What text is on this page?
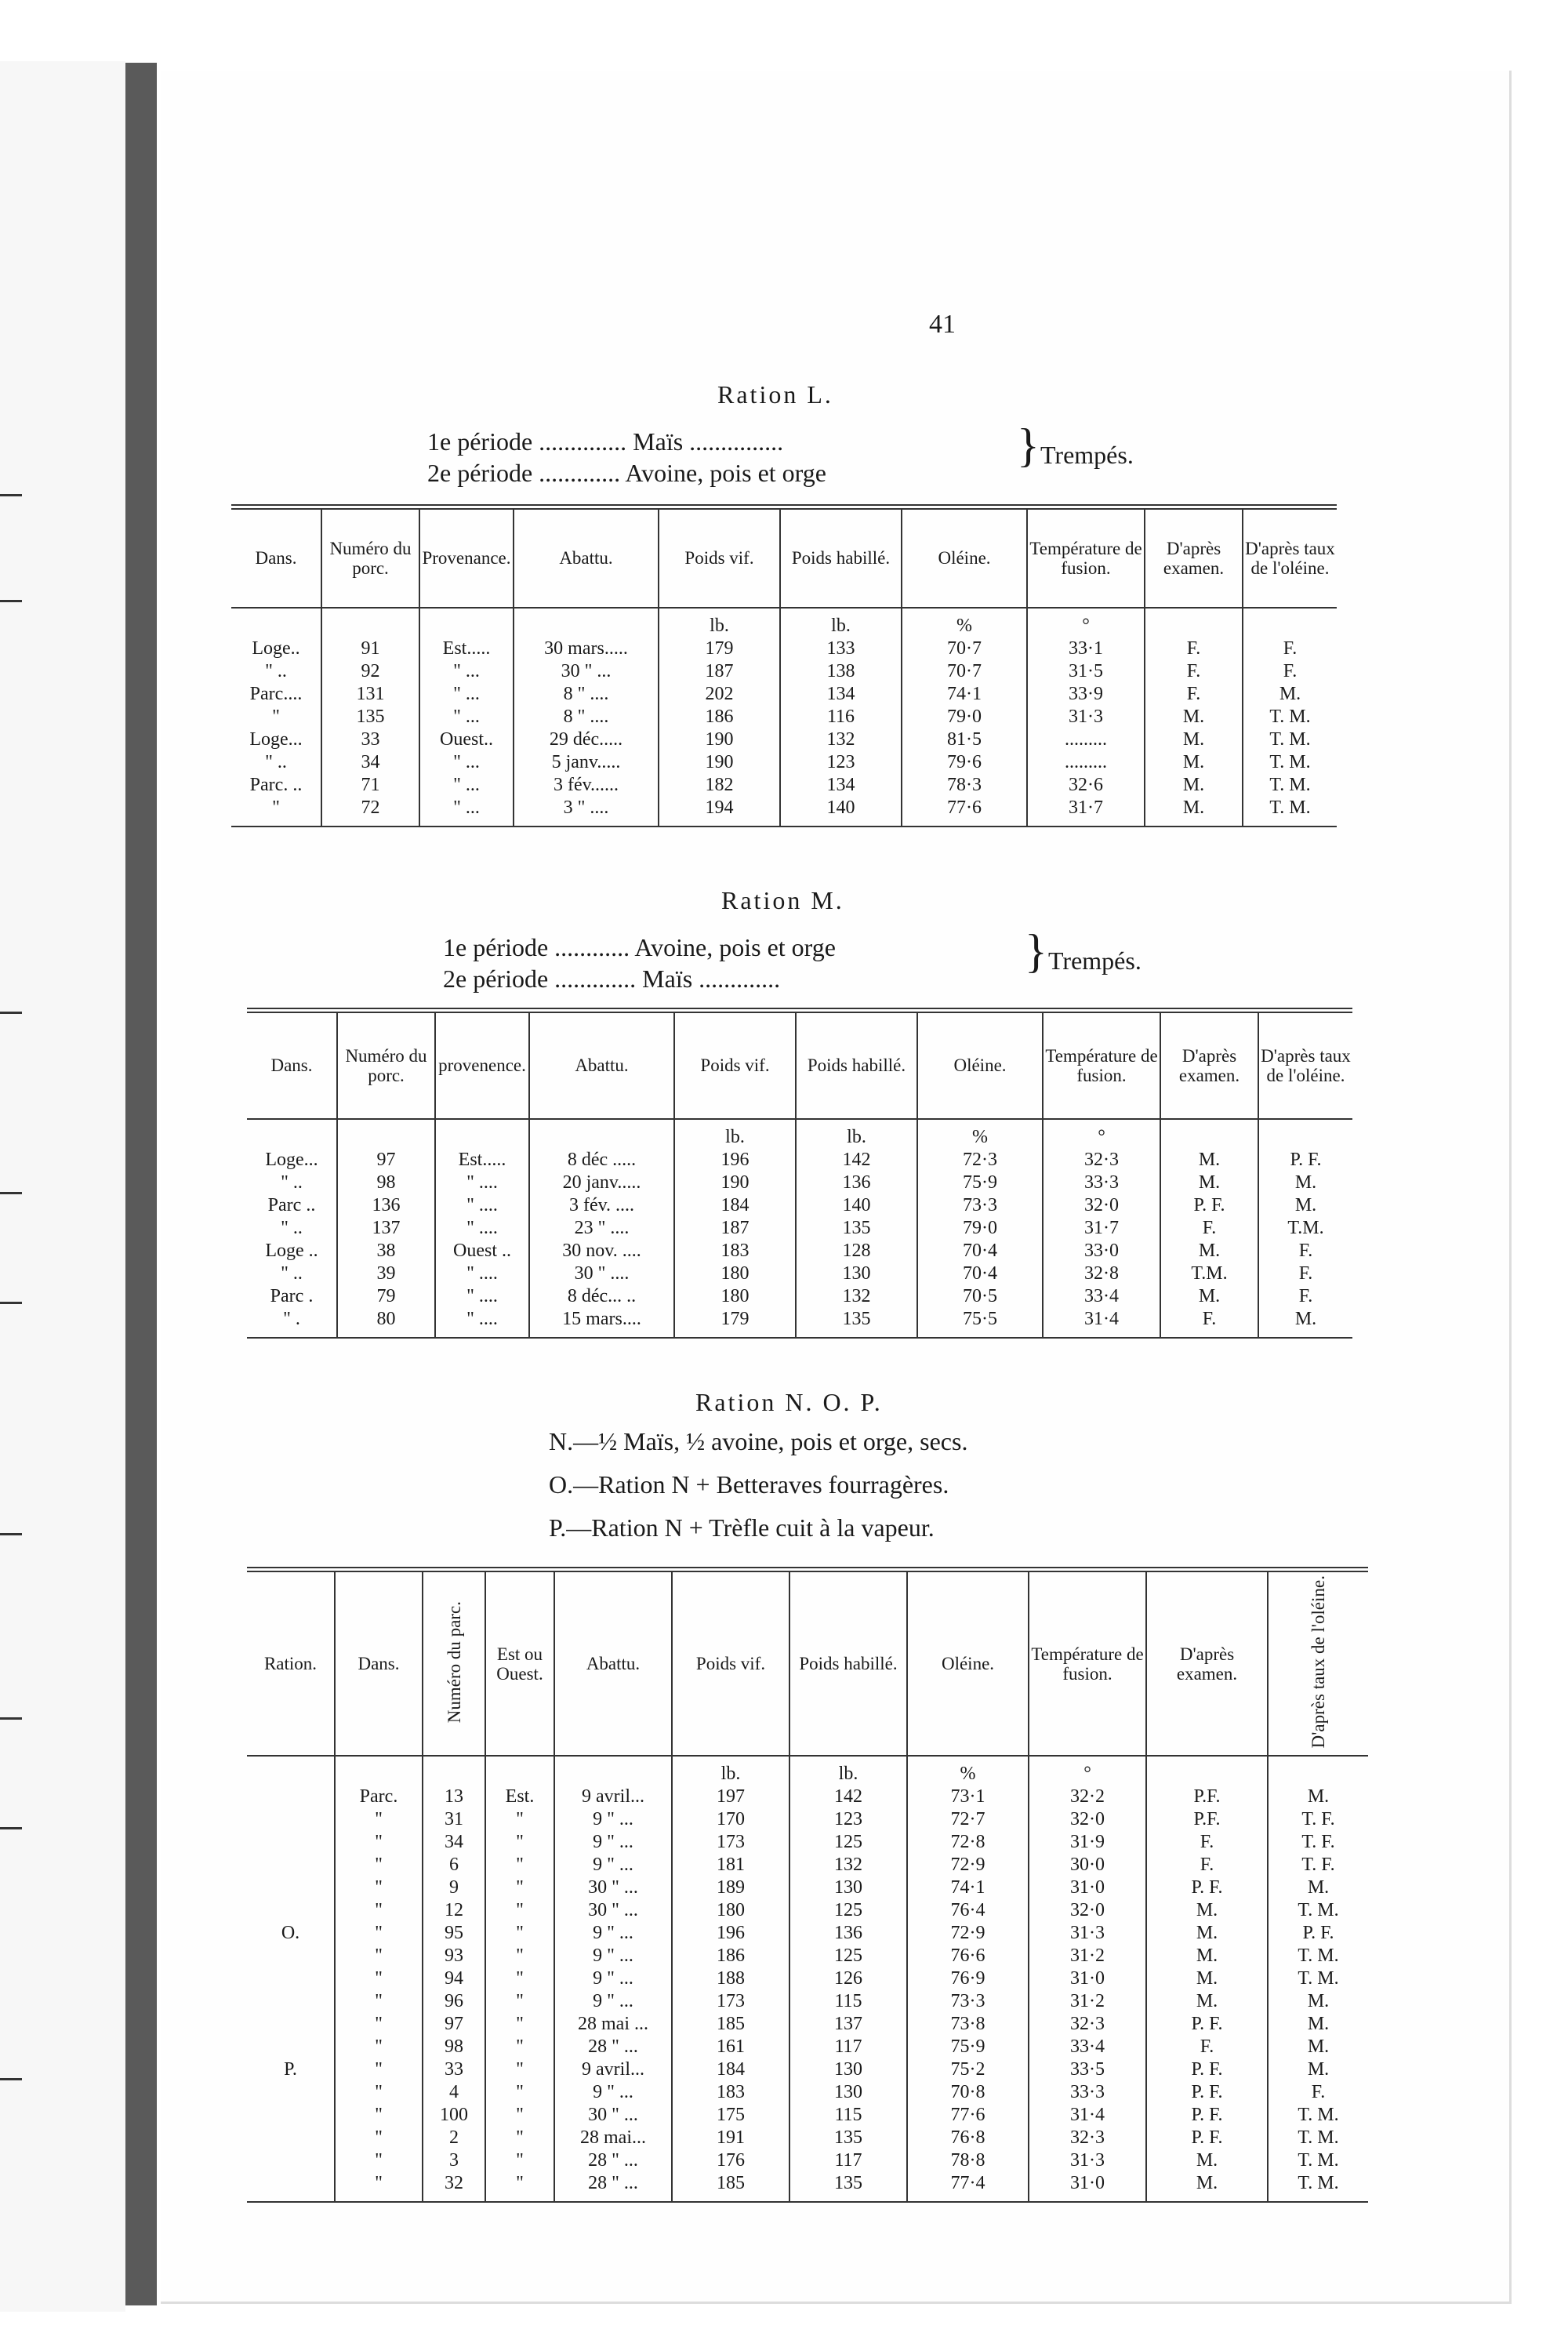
41
Ration L.
1e période .............. Maïs ...............
2e période ............. Avoine, pois et orge
} Trempés.
Dans.	Numéro du porc.	Provenance.	Abattu.	Poids vif.	Poids habillé.	Oléine.	Température de fusion.	D'après examen.	D'après taux de l'oléine.
				lb.	lb.	%	°		
Loge..	91	Est.....	30 mars.....	179	133	70·7	33·1	F.	F.
" ..	92	" ...	30 " ...	187	138	70·7	31·5	F.	F.
Parc....	131	" ...	8 " ....	202	134	74·1	33·9	F.	M.
"	135	" ...	8 " ....	186	116	79·0	31·3	M.	T. M.
Loge...	33	Ouest..	29 déc.....	190	132	81·5	.........	M.	T. M.
" ..	34	" ...	5 janv.....	190	123	79·6	.........	M.	T. M.
Parc. ..	71	" ...	3 fév......	182	134	78·3	32·6	M.	T. M.
"	72	" ...	3 " ....	194	140	77·6	31·7	M.	T. M.
Ration M.
1e période ............ Avoine, pois et orge
2e période ............. Maïs .............
} Trempés.
Dans.	Numéro du porc.	provenence.	Abattu.	Poids vif.	Poids habillé.	Oléine.	Température de fusion.	D'après examen.	D'après taux de l'oléine.
				lb.	lb.	%	°		
Loge...	97	Est.....	8 déc .....	196	142	72·3	32·3	M.	P. F.
" ..	98	" ....	20 janv.....	190	136	75·9	33·3	M.	M.
Parc ..	136	" ....	3 fév. ....	184	140	73·3	32·0	P. F.	M.
" ..	137	" ....	23 " ....	187	135	79·0	31·7	F.	T.M.
Loge ..	38	Ouest ..	30 nov. ....	183	128	70·4	33·0	M.	F.
" ..	39	" ....	30 " ....	180	130	70·4	32·8	T.M.	F.
Parc .	79	" ....	8 déc... ..	180	132	70·5	33·4	M.	F.
" .	80	" ....	15 mars....	179	135	75·5	31·4	F.	M.
Ration N. O. P.
N.—½ Maïs, ½ avoine, pois et orge, secs.
O.—Ration N + Betteraves fourragères.
P.—Ration N + Trèfle cuit à la vapeur.
Ration.	Dans.	Numéro du parc.	Est ou Ouest.	Abattu.	Poids vif.	Poids habillé.	Oléine.	Température de fusion.	D'après examen.	D'après taux de l'oléine.
					lb.	lb.	%	°		
	Parc.	13	Est.	9 avril...	197	142	73·1	32·2	P.F.	M.
	"	31	"	9 " ...	170	123	72·7	32·0	P.F.	T. F.
	"	34	"	9 " ...	173	125	72·8	31·9	F.	T. F.
	"	6	"	9 " ...	181	132	72·9	30·0	F.	T. F.
	"	9	"	30 " ...	189	130	74·1	31·0	P. F.	M.
	"	12	"	30 " ...	180	125	76·4	32·0	M.	T. M.
O.	"	95	"	9 " ...	196	136	72·9	31·3	M.	P. F.
	"	93	"	9 " ...	186	125	76·6	31·2	M.	T. M.
	"	94	"	9 " ...	188	126	76·9	31·0	M.	T. M.
	"	96	"	9 " ...	173	115	73·3	31·2	M.	M.
	"	97	"	28 mai ...	185	137	73·8	32·3	P. F.	M.
	"	98	"	28 " ...	161	117	75·9	33·4	F.	M.
P.	"	33	"	9 avril...	184	130	75·2	33·5	P. F.	M.
	"	4	"	9 " ...	183	130	70·8	33·3	P. F.	F.
	"	100	"	30 " ...	175	115	77·6	31·4	P. F.	T. M.
	"	2	"	28 mai...	191	135	76·8	32·3	P. F.	T. M.
	"	3	"	28 " ...	176	117	78·8	31·3	M.	T. M.
	"	32	"	28 " ...	185	135	77·4	31·0	M.	T. M.
